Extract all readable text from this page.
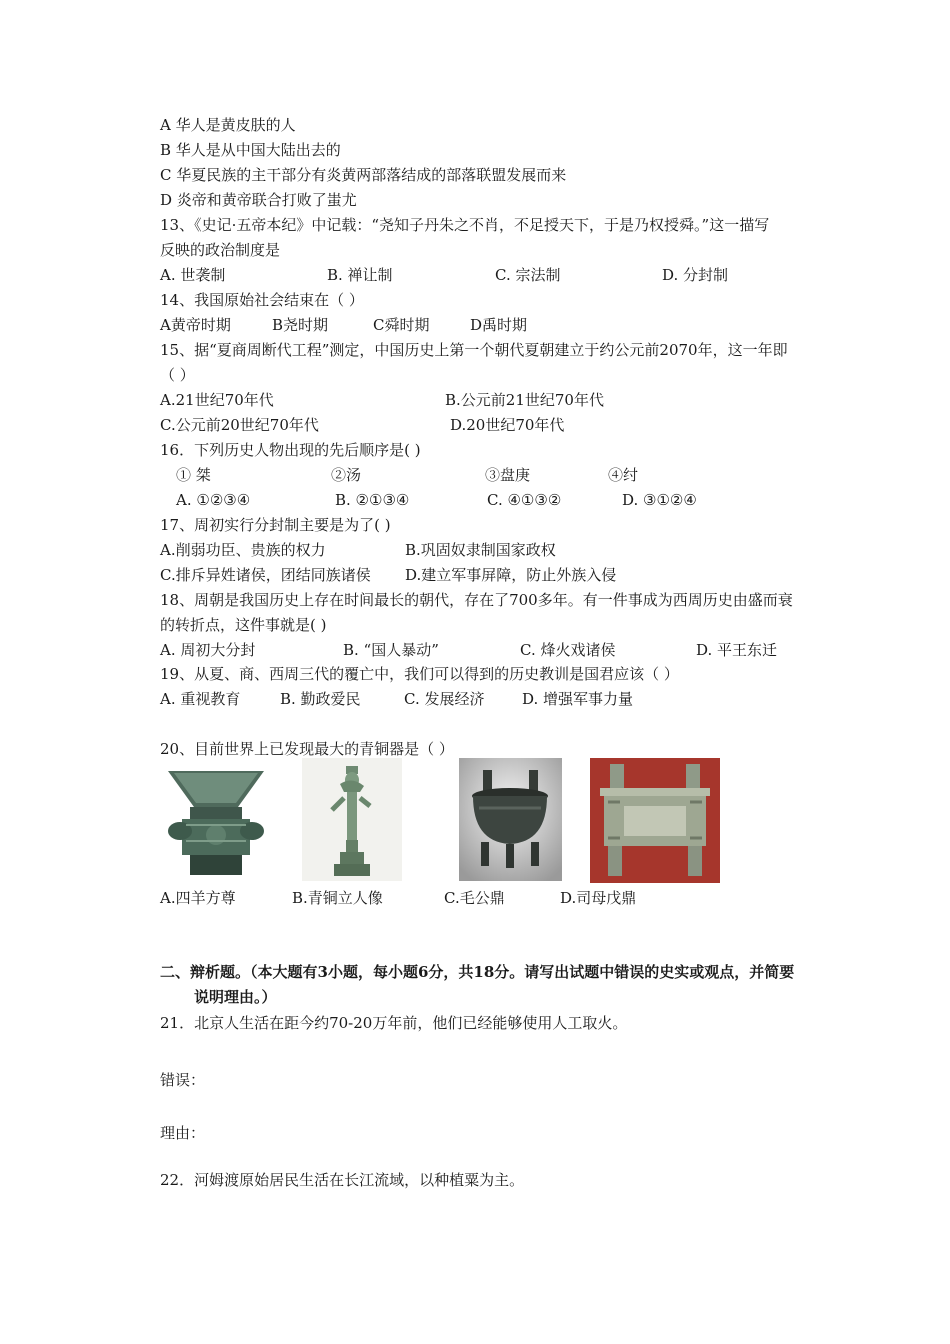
A 华人是黄皮肤的人
B 华人是从中国大陆出去的
C 华夏民族的主干部分有炎黄两部落结成的部落联盟发展而来
D 炎帝和黄帝联合打败了蚩尤
13、《史记·五帝本纪》中记载：“尧知子丹朱之不肖，不足授天下，于是乃权授舜。”这一描写
反映的政治制度是
A. 世袭制	B. 禅让制	C. 宗法制	D. 分封制
14、我国原始社会结束在（ ）
A黄帝时期	B尧时期	C舜时期	D禹时期
15、据“夏商周断代工程”测定，中国历史上第一个朝代夏朝建立于约公元前2070年，这一年即
（ ）
A.21世纪70年代	B.公元前21世纪70年代
C.公元前20世纪70年代	D.20世纪70年代
16．下列历史人物出现的先后顺序是( )
① 桀	②汤	③盘庚	④纣
A. ①②③④	B. ②①③④	C. ④①③②	D. ③①②④
17、周初实行分封制主要是为了( )
A.削弱功臣、贵族的权力	B.巩固奴隶制国家政权
C.排斥异姓诸侯，团结同族诸侯 D.建立军事屏障，防止外族入侵
18、周朝是我国历史上存在时间最长的朝代，存在了700多年。有一件事成为西周历史由盛而衰
的转折点，这件事就是( )
A. 周初大分封	B. “国人暴动”	C. 烽火戏诸侯	D. 平王东迁
19、从夏、商、西周三代的覆亡中，我们可以得到的历史教训是国君应该（ ）
A. 重视教育	B. 勤政爱民	C. 发展经济	D. 增强军事力量
20、目前世界上已发现最大的青铜器是（ ）
A.四羊方尊	B.青铜立人像	C.毛公鼎	D.司母戊鼎
二、辩析题。（本大题有3小题，每小题6分，共18分。请写出试题中错误的史实或观点，并简要
说明理由。）
21．北京人生活在距今约70-20万年前，他们已经能够使用人工取火。
错误：
理由：
22．河姆渡原始居民生活在长江流域，以种植粟为主。
